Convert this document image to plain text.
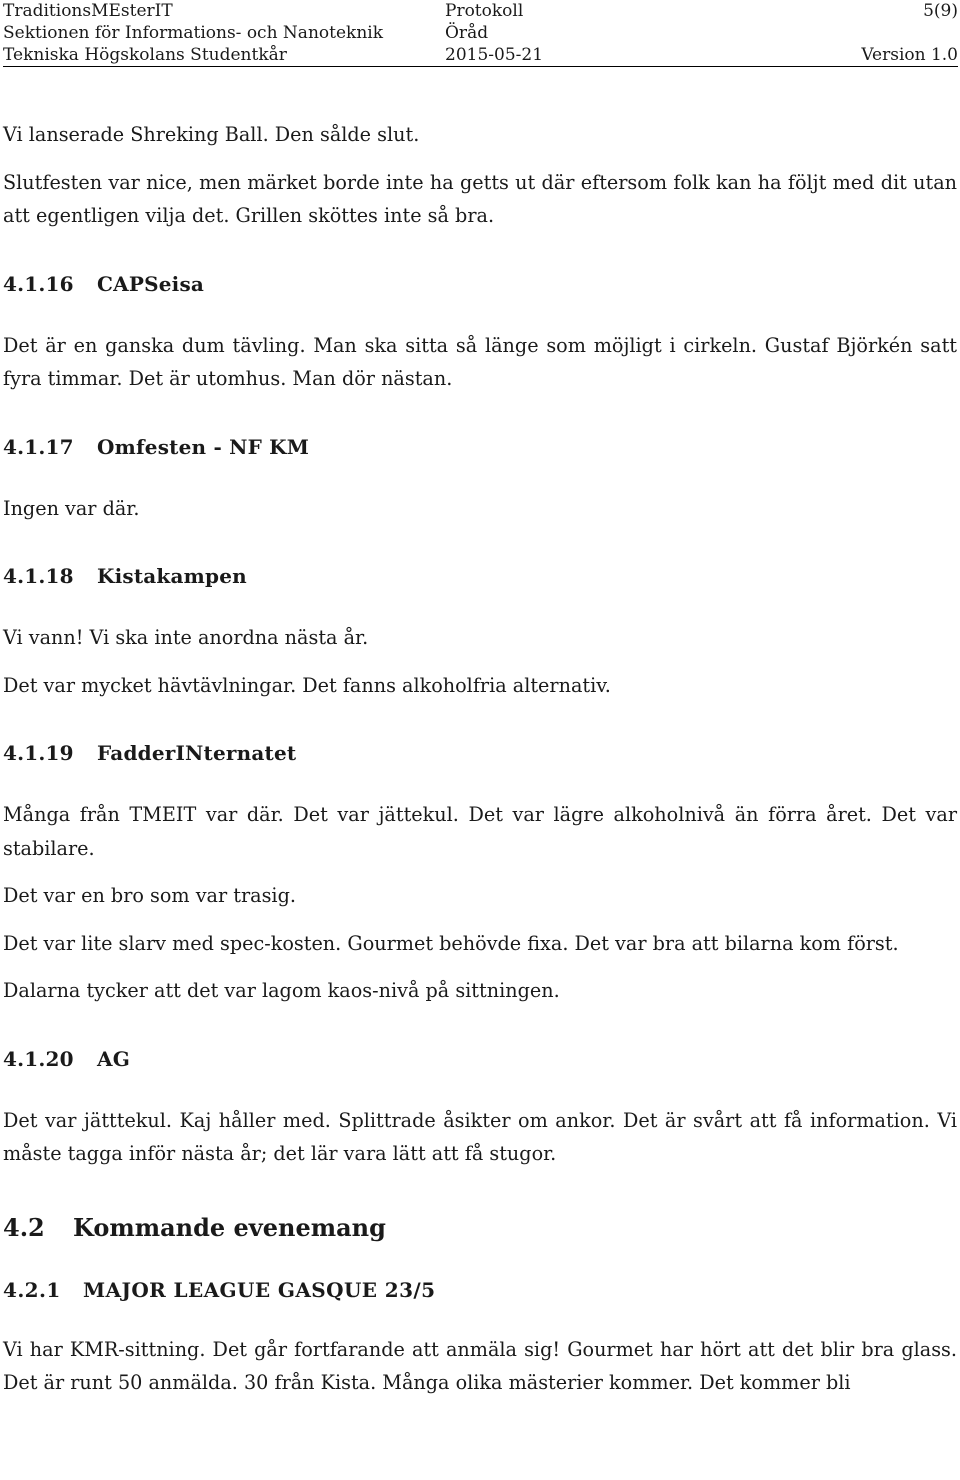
TraditionsMEsterIT	Protokoll	5(9)
Sektionen för Informations- och Nanoteknik	Öråd
Tekniska Högskolans Studentkår	2015-05-21	Version 1.0

Vi lanserade Shreking Ball. Den sålde slut.

Slutfesten var nice, men märket borde inte ha getts ut där eftersom folk kan ha följt med dit utan att egentligen vilja det. Grillen sköttes inte så bra.

4.1.16 CAPSeisa

Det är en ganska dum tävling. Man ska sitta så länge som möjligt i cirkeln. Gustaf Björkén satt fyra timmar. Det är utomhus. Man dör nästan.

4.1.17 Omfesten - NF KM

Ingen var där.

4.1.18 Kistakampen

Vi vann! Vi ska inte anordna nästa år.

Det var mycket hävtävlningar. Det fanns alkoholfria alternativ.

4.1.19 FadderINternatet

Många från TMEIT var där. Det var jättekul. Det var lägre alkoholnivå än förra året. Det var stabilare.

Det var en bro som var trasig.

Det var lite slarv med spec-kosten. Gourmet behövde fixa. Det var bra att bilarna kom först.

Dalarna tycker att det var lagom kaos-nivå på sittningen.

4.1.20 AG

Det var jätttekul. Kaj håller med. Splittrade åsikter om ankor. Det är svårt att få information. Vi måste tagga inför nästa år; det lär vara lätt att få stugor.

4.2 Kommande evenemang
4.2.1 MAJOR LEAGUE GASQUE 23/5

Vi har KMR-sittning. Det går fortfarande att anmäla sig! Gourmet har hört att det blir bra glass. Det är runt 50 anmälda. 30 från Kista. Många olika mästerier kommer. Det kommer bli
